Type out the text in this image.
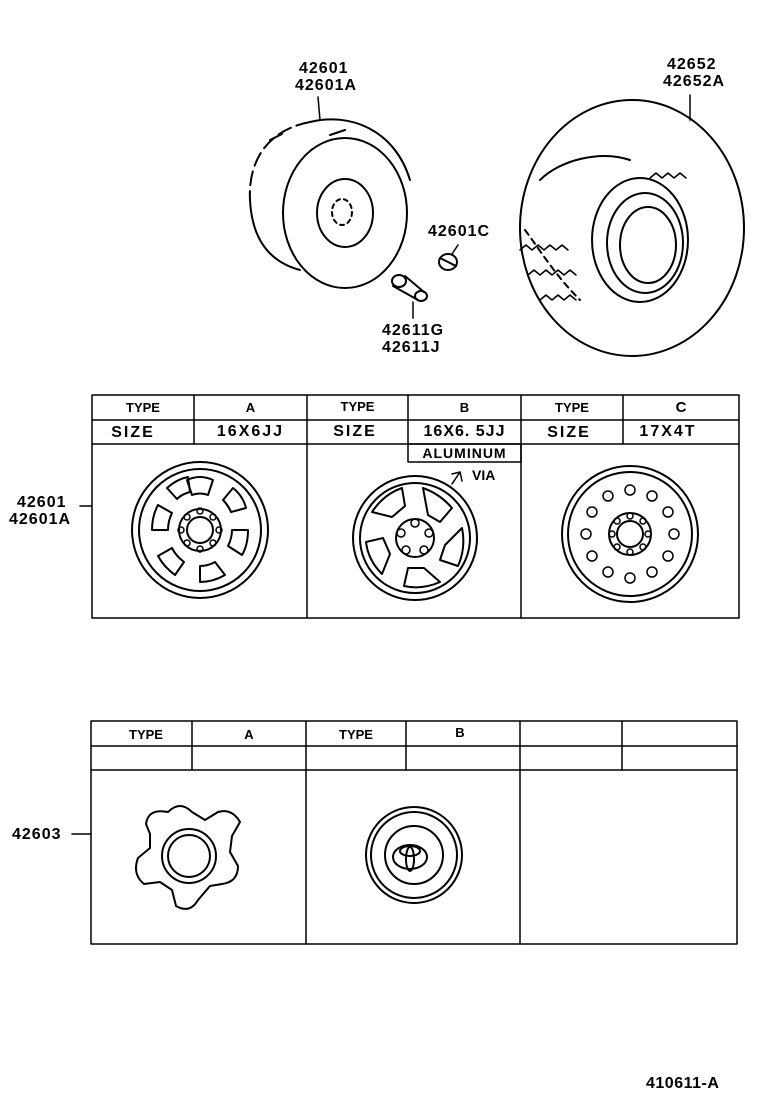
42601
42601A
42652
42652A
42601C
42611G
42611J
42601
42601A
42603
TYPE	A	TYPE	B	TYPE	C
SIZE	16X6JJ	SIZE	16X6. 5JJ	SIZE	17X4T
ALUMINUM
VIA
TYPE	A	TYPE	B
410611-A
